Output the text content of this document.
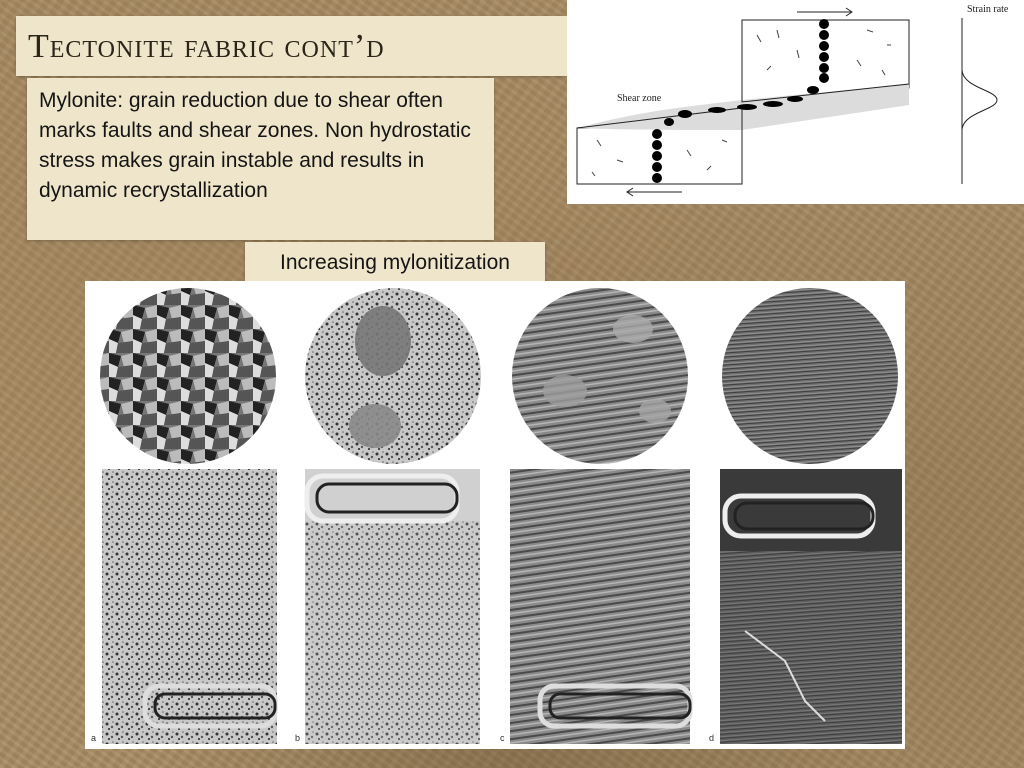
Tectonite fabric cont’d

Mylonite: grain reduction due to shear often marks faults and shear zones. Non hydrostatic stress makes grain instable and results in dynamic recrystallization

Increasing mylonitization
Shear zone
Strain rate
a	b	c	d
